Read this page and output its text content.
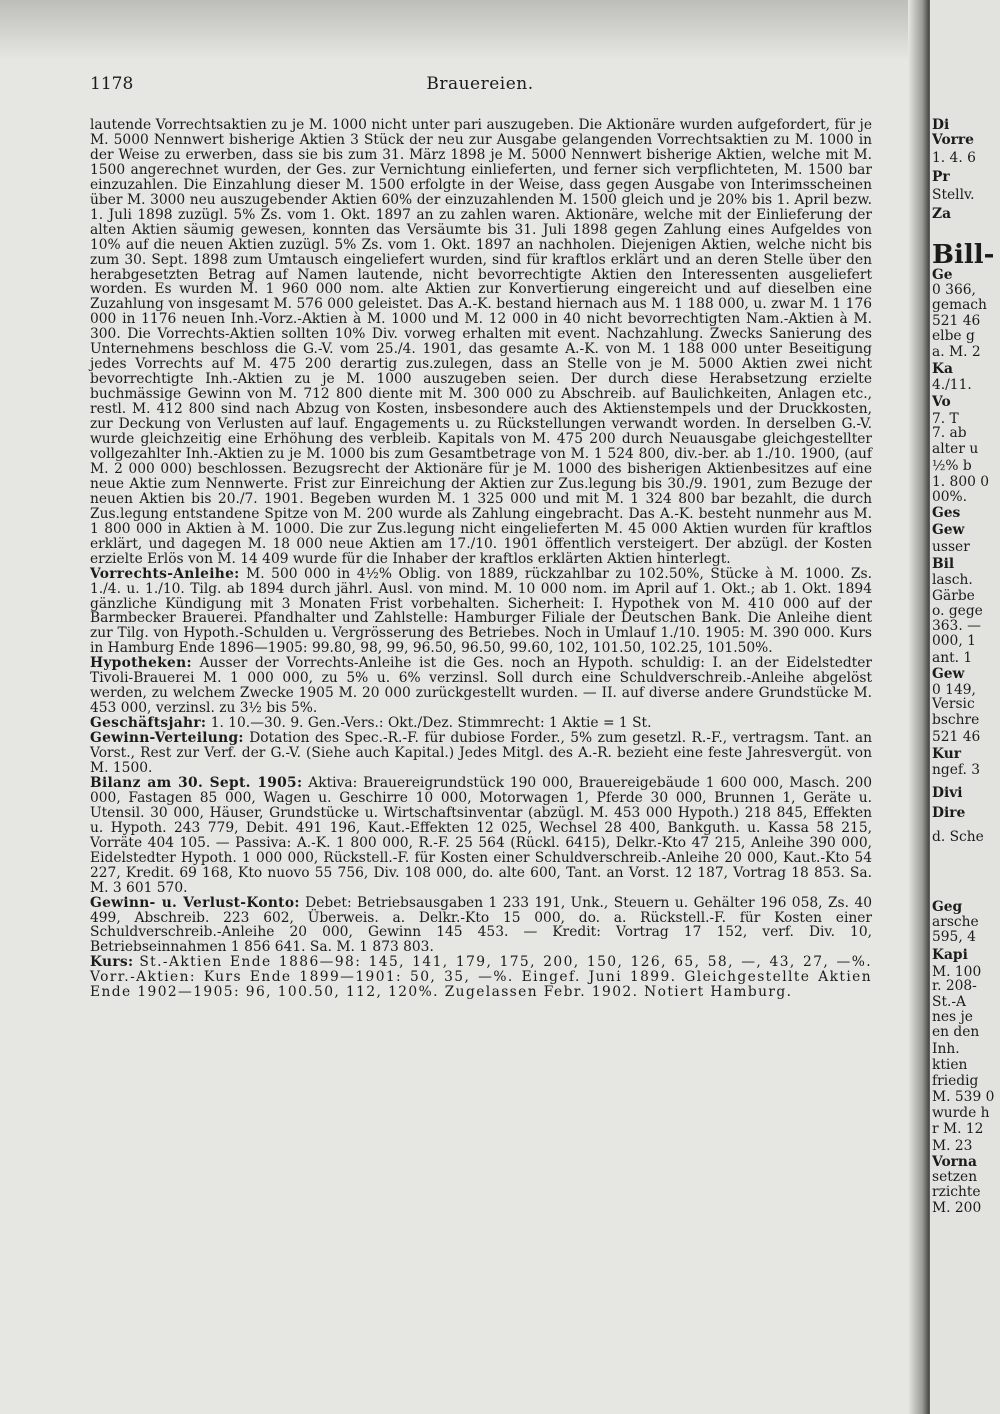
1178	Brauereien.

lautende Vorrechtsaktien zu je M. 1000 nicht unter pari auszugeben. Die Aktionäre wurden aufgefordert, für je M. 5000 Nennwert bisherige Aktien 3 Stück der neu zur Ausgabe gelangenden Vorrechtsaktien zu M. 1000 in der Weise zu erwerben, dass sie bis zum 31. März 1898 je M. 5000 Nennwert bisherige Aktien, welche mit M. 1500 angerechnet wurden, der Ges. zur Vernichtung einlieferten, und ferner sich verpflichteten, M. 1500 bar einzuzahlen. Die Einzahlung dieser M. 1500 erfolgte in der Weise, dass gegen Ausgabe von Interimsscheinen über M. 3000 neu auszugebender Aktien 60% der einzuzahlenden M. 1500 gleich und je 20% bis 1. April bezw. 1. Juli 1898 zuzügl. 5% Zs. vom 1. Okt. 1897 an zu zahlen waren. Aktionäre, welche mit der Einlieferung der alten Aktien säumig gewesen, konnten das Versäumte bis 31. Juli 1898 gegen Zahlung eines Aufgeldes von 10% auf die neuen Aktien zuzügl. 5% Zs. vom 1. Okt. 1897 an nachholen. Diejenigen Aktien, welche nicht bis zum 30. Sept. 1898 zum Umtausch eingeliefert wurden, sind für kraftlos erklärt und an deren Stelle über den herabgesetzten Betrag auf Namen lautende, nicht bevorrechtigte Aktien den Interessenten ausgeliefert worden. Es wurden M. 1 960 000 nom. alte Aktien zur Konvertierung eingereicht und auf dieselben eine Zuzahlung von insgesamt M. 576 000 geleistet. Das A.-K. bestand hiernach aus M. 1 188 000, u. zwar M. 1 176 000 in 1176 neuen Inh.-Vorz.-Aktien à M. 1000 und M. 12 000 in 40 nicht bevorrechtigten Nam.-Aktien à M. 300. Die Vorrechts-Aktien sollten 10% Div. vorweg erhalten mit event. Nachzahlung. Zwecks Sanierung des Unternehmens beschloss die G.-V. vom 25./4. 1901, das gesamte A.-K. von M. 1 188 000 unter Beseitigung jedes Vorrechts auf M. 475 200 derartig zus.zulegen, dass an Stelle von je M. 5000 Aktien zwei nicht bevorrechtigte Inh.-Aktien zu je M. 1000 auszugeben seien. Der durch diese Herabsetzung erzielte buchmässige Gewinn von M. 712 800 diente mit M. 300 000 zu Abschreib. auf Baulichkeiten, Anlagen etc., restl. M. 412 800 sind nach Abzug von Kosten, insbesondere auch des Aktienstempels und der Druckkosten, zur Deckung von Verlusten auf lauf. Engagements u. zu Rückstellungen verwandt worden. In derselben G.-V. wurde gleichzeitig eine Erhöhung des verbleib. Kapitals von M. 475 200 durch Neuausgabe gleichgestellter vollgezahlter Inh.-Aktien zu je M. 1000 bis zum Gesamtbetrage von M. 1 524 800, div.-ber. ab 1./10. 1900, (auf M. 2 000 000) beschlossen. Bezugsrecht der Aktionäre für je M. 1000 des bisherigen Aktienbesitzes auf eine neue Aktie zum Nennwerte. Frist zur Einreichung der Aktien zur Zus.legung bis 30./9. 1901, zum Bezuge der neuen Aktien bis 20./7. 1901. Begeben wurden M. 1 325 000 und mit M. 1 324 800 bar bezahlt, die durch Zus.legung entstandene Spitze von M. 200 wurde als Zahlung eingebracht. Das A.-K. besteht nunmehr aus M. 1 800 000 in Aktien à M. 1000. Die zur Zus.legung nicht eingelieferten M. 45 000 Aktien wurden für kraftlos erklärt, und dagegen M. 18 000 neue Aktien am 17./10. 1901 öffentlich versteigert. Der abzügl. der Kosten erzielte Erlös von M. 14 409 wurde für die Inhaber der kraftlos erklärten Aktien hinterlegt.

Vorrechts-Anleihe: M. 500 000 in 4½% Oblig. von 1889, rückzahlbar zu 102.50%, Stücke à M. 1000. Zs. 1./4. u. 1./10. Tilg. ab 1894 durch jährl. Ausl. von mind. M. 10 000 nom. im April auf 1. Okt.; ab 1. Okt. 1894 gänzliche Kündigung mit 3 Monaten Frist vorbehalten. Sicherheit: I. Hypothek von M. 410 000 auf der Barmbecker Brauerei. Pfandhalter und Zahlstelle: Hamburger Filiale der Deutschen Bank. Die Anleihe dient zur Tilg. von Hypoth.-Schulden u. Vergrösserung des Betriebes. Noch in Umlauf 1./10. 1905: M. 390 000. Kurs in Hamburg Ende 1896—1905: 99.80, 98, 99, 96.50, 96.50, 99.60, 102, 101.50, 102.25, 101.50%.

Hypotheken: Ausser der Vorrechts-Anleihe ist die Ges. noch an Hypoth. schuldig: I. an der Eidelstedter Tivoli-Brauerei M. 1 000 000, zu 5% u. 6% verzinsl. Soll durch eine Schuldverschreib.-Anleihe abgelöst werden, zu welchem Zwecke 1905 M. 20 000 zurückgestellt wurden. — II. auf diverse andere Grundstücke M. 453 000, verzinsl. zu 3½ bis 5%.

Geschäftsjahr: 1. 10.—30. 9. Gen.-Vers.: Okt./Dez. Stimmrecht: 1 Aktie = 1 St.

Gewinn-Verteilung: Dotation des Spec.-R.-F. für dubiose Forder., 5% zum gesetzl. R.-F., vertragsm. Tant. an Vorst., Rest zur Verf. der G.-V. (Siehe auch Kapital.) Jedes Mitgl. des A.-R. bezieht eine feste Jahresvergüt. von M. 1500.

Bilanz am 30. Sept. 1905: Aktiva: Brauereigrundstück 190 000, Brauereigebäude 1 600 000, Masch. 200 000, Fastagen 85 000, Wagen u. Geschirre 10 000, Motorwagen 1, Pferde 30 000, Brunnen 1, Geräte u. Utensil. 30 000, Häuser, Grundstücke u. Wirtschaftsinventar (abzügl. M. 453 000 Hypoth.) 218 845, Effekten u. Hypoth. 243 779, Debit. 491 196, Kaut.-Effekten 12 025, Wechsel 28 400, Bankguth. u. Kassa 58 215, Vorräte 404 105. — Passiva: A.-K. 1 800 000, R.-F. 25 564 (Rückl. 6415), Delkr.-Kto 47 215, Anleihe 390 000, Eidelstedter Hypoth. 1 000 000, Rückstell.-F. für Kosten einer Schuldverschreib.-Anleihe 20 000, Kaut.-Kto 54 227, Kredit. 69 168, Kto nuovo 55 756, Div. 108 000, do. alte 600, Tant. an Vorst. 12 187, Vortrag 18 853. Sa. M. 3 601 570.

Gewinn- u. Verlust-Konto: Debet: Betriebsausgaben 1 233 191, Unk., Steuern u. Gehälter 196 058, Zs. 40 499, Abschreib. 223 602, Überweis. a. Delkr.-Kto 15 000, do. a. Rückstell.-F. für Kosten einer Schuldverschreib.-Anleihe 20 000, Gewinn 145 453. — Kredit: Vortrag 17 152, verf. Div. 10, Betriebseinnahmen 1 856 641. Sa. M. 1 873 803.

Kurs: St.-Aktien Ende 1886—98: 145, 141, 179, 175, 200, 150, 126, 65, 58, —, 43, 27, —%. Vorr.-Aktien: Kurs Ende 1899—1901: 50, 35, —%. Eingef. Juni 1899. Gleichgestellte Aktien Ende 1902—1905: 96, 100.50, 112, 120%. Zugelassen Febr. 1902. Notiert Hamburg.

Di
Vorre
1. 4. 6
Pr
Stellv.
Za
Bill-
Ge
0 366,
gemach
521 46
elbe g
a. M. 2
Ka
4./11.
Vo
7. T
7. ab
alter u
½% b
1. 800 0
00%.
Ges
Gew
usser
Bil
lasch.
Gärbe
o. gege
363. —
000, 1
ant. 1
Gew
0 149,
Versic
bschre
521 46
Kur
ngef. 3
Divi
Dire
d. Sche
Geg
arsche
595, 4
Kapi
M. 100
r. 208-
St.-A
nes je
en den
Inh.
ktien
friedig
M. 539 0
wurde h
r M. 12
M. 23
Vorna
setzen
rzichte
M. 200
